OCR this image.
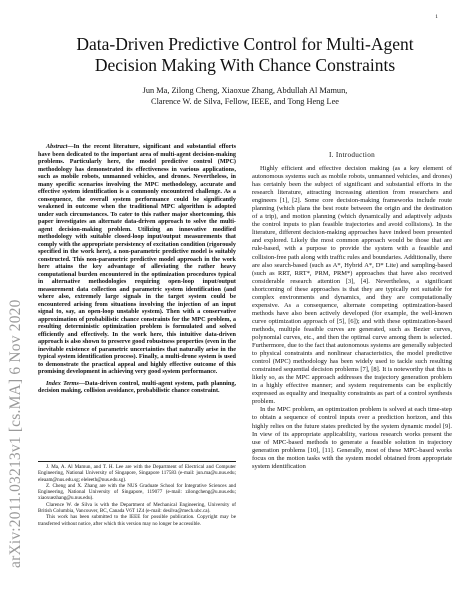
1
arXiv:2011.03213v1 [cs.MA] 6 Nov 2020
Data-Driven Predictive Control for Multi-Agent
Decision Making With Chance Constraints
Jun Ma, Zilong Cheng, Xiaoxue Zhang, Abdullah Al Mamun,
Clarence W. de Silva, Fellow, IEEE, and Tong Heng Lee

Abstract—In the recent literature, significant and substantial efforts have been dedicated to the important area of multi-agent decision-making problems. Particularly here, the model predictive control (MPC) methodology has demonstrated its effectiveness in various applications, such as mobile robots, unmanned vehicles, and drones. Nevertheless, in many specific scenarios involving the MPC methodology, accurate and effective system identification is a commonly encountered challenge. As a consequence, the overall system performance could be significantly weakened in outcome when the traditional MPC algorithm is adopted under such circumstances. To cater to this rather major shortcoming, this paper investigates an alternate data-driven approach to solve the multi-agent decision-making problem. Utilizing an innovative modified methodology with suitable closed-loop input/output measurements that comply with the appropriate persistency of excitation condition (rigorously specified in the work here), a non-parametric predictive model is suitably constructed. This non-parametric predictive model approach in the work here attains the key advantage of alleviating the rather heavy computational burden encountered in the optimization procedures typical in alternative methodologies requiring open-loop input/output measurement data collection and parametric system identification (and where also, extremely large signals in the target system could be encountered arising from situations involving the injection of an input signal to, say, an open-loop unstable system). Then with a conservative approximation of probabilistic chance constraints for the MPC problem, a resulting deterministic optimization problem is formulated and solved efficiently and effectively. In the work here, this intuitive data-driven approach is also shown to preserve good robustness properties (even in the inevitable existence of parametric uncertainties that naturally arise in the typical system identification process). Finally, a multi-drone system is used to demonstrate the practical appeal and highly effective outcome of this promising development in achieving very good system performance.

Index Terms—Data-driven control, multi-agent system, path planning, decision making, collision avoidance, probabilistic chance constraint.

J. Ma, A. Al Mamun, and T. H. Lee are with the Department of Electrical and Computer Engineering, National University of Singapore, Singapore 117583 (e-mail: jun.ma@u.nus.edu; eleaam@nus.edu.sg; eleleeth@nus.edu.sg).

Z. Cheng and X. Zhang are with the NUS Graduate School for Integrative Sciences and Engineering, National University of Singapore, 119077 (e-mail: zilongcheng@u.nus.edu; xiaoxuezhang@u.nus.edu).

Clarence W. de Silva is with the Department of Mechanical Engineering, University of British Columbia, Vancouver, BC, Canada V6T 1Z4 (e-mail: desilva@mech.ubc.ca).

This work has been submitted to the IEEE for possible publication. Copyright may be transferred without notice, after which this version may no longer be accessible.

I. Introduction

Highly efficient and effective decision making (as a key element of autonomous systems such as mobile robots, unmanned vehicles, and drones) has certainly been the subject of significant and substantial efforts in the research literature, attracting increasing attention from researchers and engineers [1], [2]. Some core decision-making frameworks include route planning (which plans the best route between the origin and the destination of a trip), and motion planning (which dynamically and adaptively adjusts the control inputs to plan feasible trajectories and avoid collisions). In the literature, different decision-making approaches have indeed been presented and explored. Likely the most common approach would be those that are rule-based, with a purpose to provide the system with a feasible and collision-free path along with traffic rules and boundaries. Additionally, there are also search-based (such as A*, Hybrid A*, D* Lite) and sampling-based (such as RRT, RRT*, PRM, PRM*) approaches that have also received considerable research attention [3], [4]. Nevertheless, a significant shortcoming of these approaches is that they are typically not suitable for complex environments and dynamics, and they are computationally expensive. As a consequence, alternate competing optimization-based methods have also been actively developed (for example, the well-known curve optimization approach of [5], [6]); and with these optimization-based methods, multiple feasible curves are generated, such as Bezier curves, polynomial curves, etc., and then the optimal curve among them is selected. Furthermore, due to the fact that autonomous systems are generally subjected to physical constraints and nonlinear characteristics, the model predictive control (MPC) methodology has been widely used to tackle such resulting constrained sequential decision problems [7], [8]. It is noteworthy that this is likely so, as the MPC approach addresses the trajectory generation problem in a highly effective manner; and system requirements can be explicitly expressed as equality and inequality constraints as part of a control synthesis problem.

In the MPC problem, an optimization problem is solved at each time-step to obtain a sequence of control inputs over a prediction horizon, and this highly relies on the future states predicted by the system dynamic model [9]. In view of its appropriate applicability, various research works present the use of MPC-based methods to generate a feasible solution in trajectory generation problems [10], [11]. Generally, most of these MPC-based works focus on the motion tasks with the system model obtained from appropriate system identification
